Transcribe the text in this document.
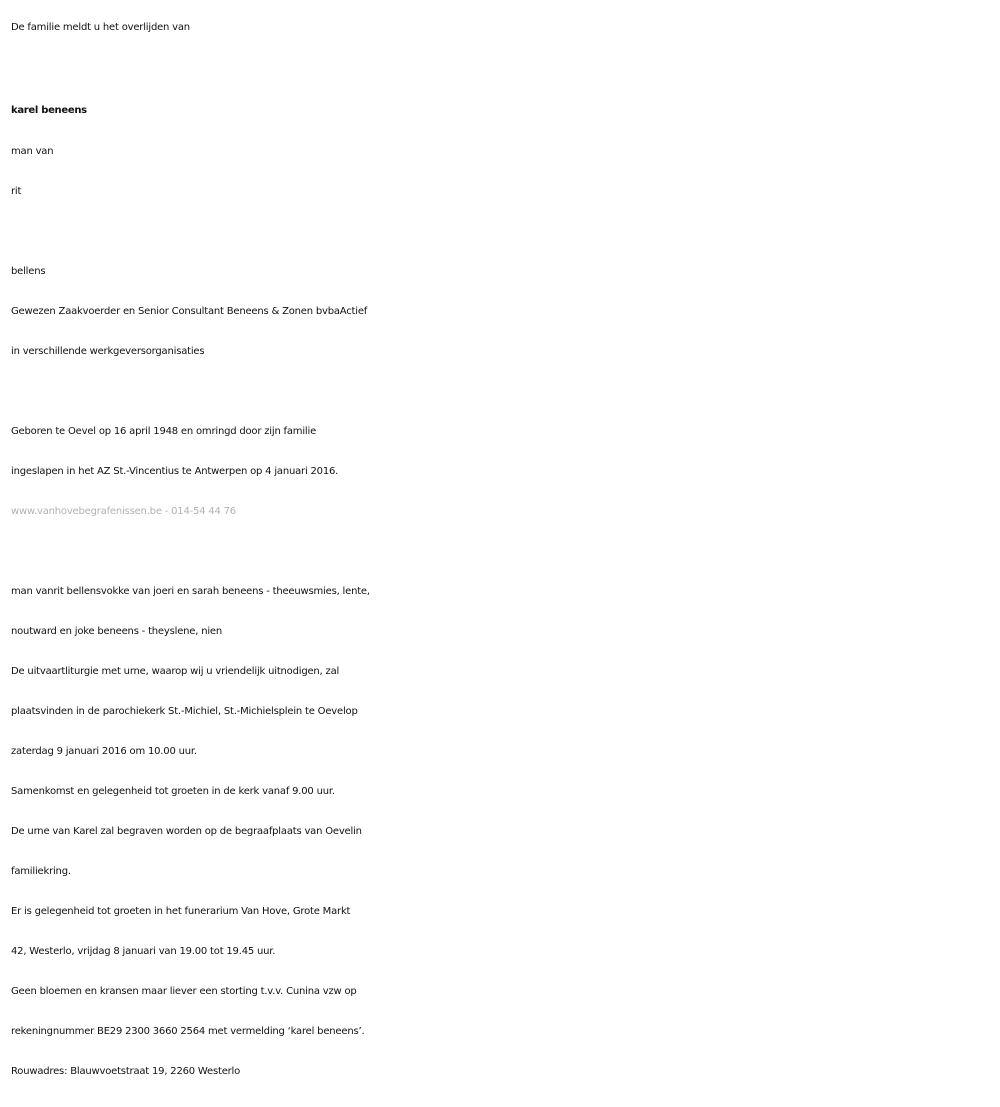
De familie meldt u het overlijden van
karel beneens
man van
rit
bellens
Gewezen Zaakvoerder en Senior Consultant Beneens & Zonen bvbaActief
in verschillende werkgeversorganisaties
Geboren te Oevel op 16 april 1948 en omringd door zijn familie
ingeslapen in het AZ St.-Vincentius te Antwerpen op 4 januari 2016.
www.vanhovebegrafenissen.be - 014-54 44 76
man vanrit bellensvokke van joeri en sarah beneens - theeuwsmies, lente,
noutward en joke beneens - theyslene, nien
De uitvaartliturgie met urne, waarop wij u vriendelijk uitnodigen, zal
plaatsvinden in de parochiekerk St.-Michiel, St.-Michielsplein te Oevelop
zaterdag 9 januari 2016 om 10.00 uur.
Samenkomst en gelegenheid tot groeten in de kerk vanaf 9.00 uur.
De urne van Karel zal begraven worden op de begraafplaats van Oevelin
familiekring.
Er is gelegenheid tot groeten in het funerarium Van Hove, Grote Markt
42, Westerlo, vrijdag 8 januari van 19.00 tot 19.45 uur.
Geen bloemen en kransen maar liever een storting t.v.v. Cunina vzw op
rekeningnummer BE29 2300 3660 2564 met vermelding ‘karel beneens’.
Rouwadres: Blauwvoetstraat 19, 2260 Westerlo
